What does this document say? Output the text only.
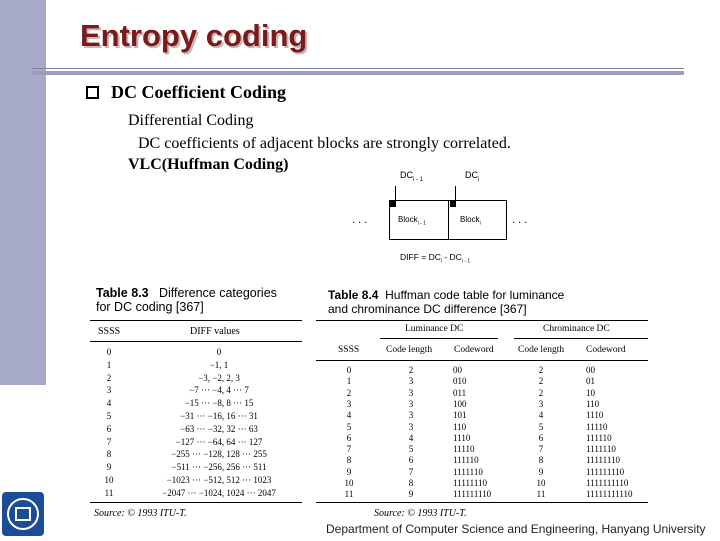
Entropy coding
DC Coefficient Coding
Differential Coding
DC coefficients of adjacent blocks are strongly correlated.
VLC(Huffman Coding)
$DC_{i - 1}$	$DC_i$
Block$_{i - 1}$	Block$_i$
. . .	. . .
DIFF = $DC_i - DC_{i - 1}$
Table 8.3 Difference categories
for DC coding [367]
SSSS	DIFF values
0	0
1	−1, 1
2	−3, −2, 2, 3
3	−7 ··· −4, 4 ··· 7
4	−15 ··· −8, 8 ··· 15
5	−31 ··· −16, 16 ··· 31
6	−63 ··· −32, 32 ··· 63
7	−127 ··· −64, 64 ··· 127
8	−255 ··· −128, 128 ··· 255
9	−511 ··· −256, 256 ··· 511
10	−1023 ··· −512, 512 ··· 1023
11	−2047 ··· −1024, 1024 ··· 2047
Source: © 1993 ITU-T.
Table 8.4 Huffman code table for luminance
and chrominance DC difference [367]
Luminance DC	Chrominance DC
SSSS	Code length Codeword	Code length Codeword
0	2	00	2	00
1	3	010	2	01
2	3	011	2	10
3	3	100	3	110
4	3	101	4	1110
5	3	110	5	11110
6	4	1110	6	111110
7	5	11110	7	1111110
8	6	111110	8	11111110
9	7	1111110	9	111111110
10	8	11111110	10	1111111110
11	9	111111110	11	11111111110
Source: © 1993 ITU-T.
Department of Computer Science and Engineering, Hanyang University
